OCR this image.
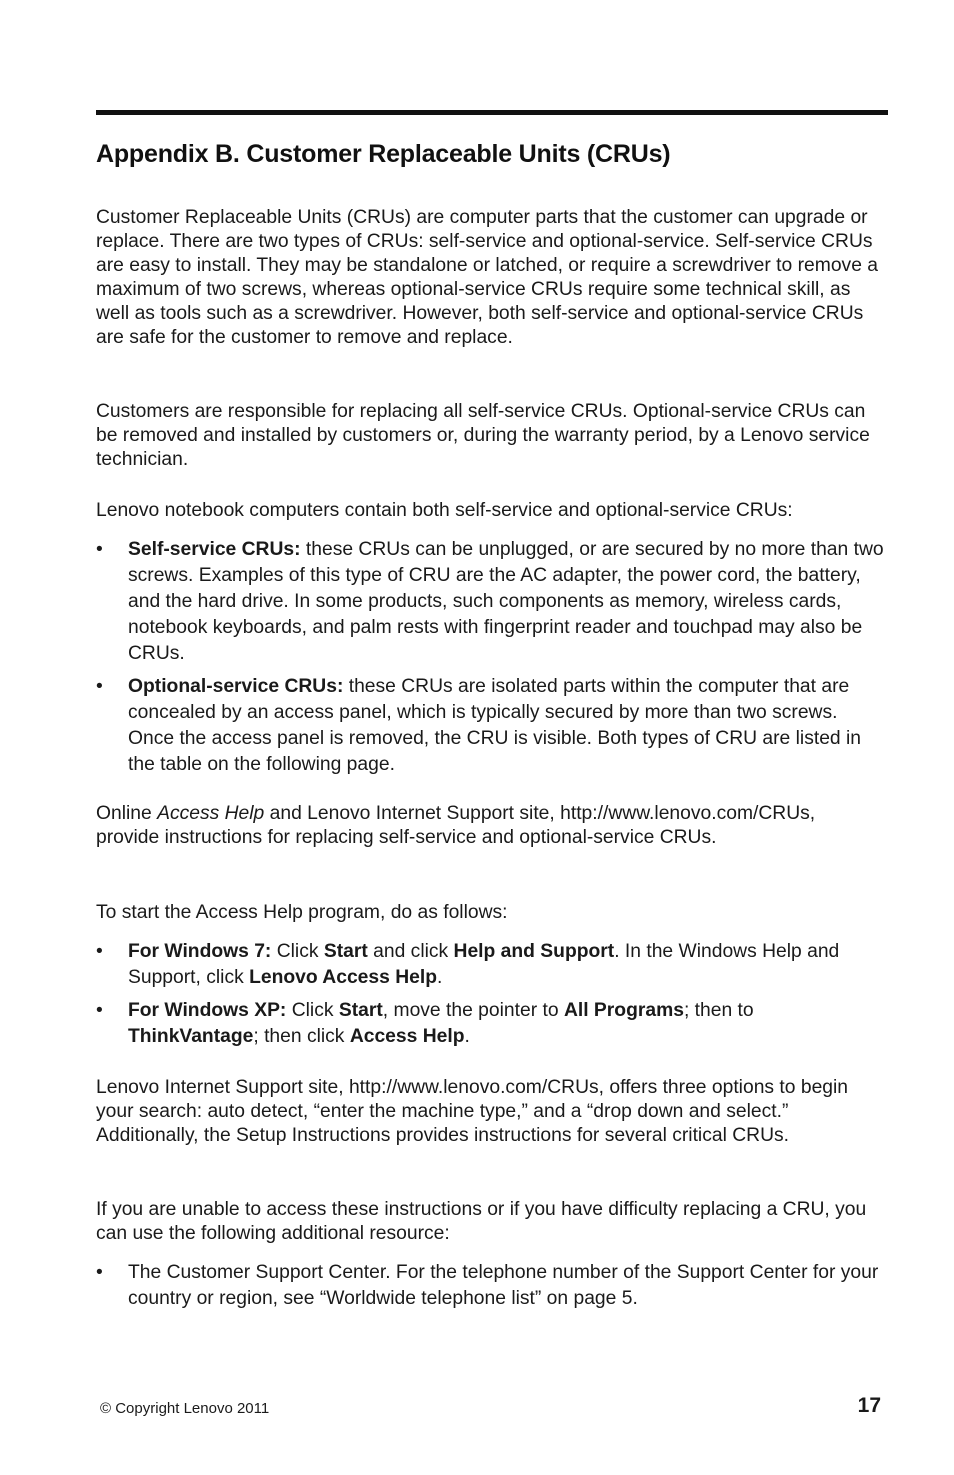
Appendix B. Customer Replaceable Units (CRUs)

Customer Replaceable Units (CRUs) are computer parts that the customer can upgrade or replace. There are two types of CRUs: self-service and optional-service. Self-service CRUs are easy to install. They may be standalone or latched, or require a screwdriver to remove a maximum of two screws, whereas optional-service CRUs require some technical skill, as well as tools such as a screwdriver. However, both self-service and optional-service CRUs are safe for the customer to remove and replace.

Customers are responsible for replacing all self-service CRUs. Optional-service CRUs can be removed and installed by customers or, during the warranty period, by a Lenovo service technician.

Lenovo notebook computers contain both self-service and optional-service CRUs:

• Self-service CRUs: these CRUs can be unplugged, or are secured by no more than two screws. Examples of this type of CRU are the AC adapter, the power cord, the battery, and the hard drive. In some products, such components as memory, wireless cards, notebook keyboards, and palm rests with fingerprint reader and touchpad may also be CRUs.
• Optional-service CRUs: these CRUs are isolated parts within the computer that are concealed by an access panel, which is typically secured by more than two screws. Once the access panel is removed, the CRU is visible. Both types of CRU are listed in the table on the following page.

Online Access Help and Lenovo Internet Support site, http://www.lenovo.com/CRUs, provide instructions for replacing self-service and optional-service CRUs.

To start the Access Help program, do as follows:

• For Windows 7: Click Start and click Help and Support. In the Windows Help and Support, click Lenovo Access Help.
• For Windows XP: Click Start, move the pointer to All Programs; then to ThinkVantage; then click Access Help.

Lenovo Internet Support site, http://www.lenovo.com/CRUs, offers three options to begin your search: auto detect, “enter the machine type,” and a “drop down and select.” Additionally, the Setup Instructions provides instructions for several critical CRUs.

If you are unable to access these instructions or if you have difficulty replacing a CRU, you can use the following additional resource:

• The Customer Support Center. For the telephone number of the Support Center for your country or region, see “Worldwide telephone list” on page 5.
© Copyright Lenovo 2011	17
